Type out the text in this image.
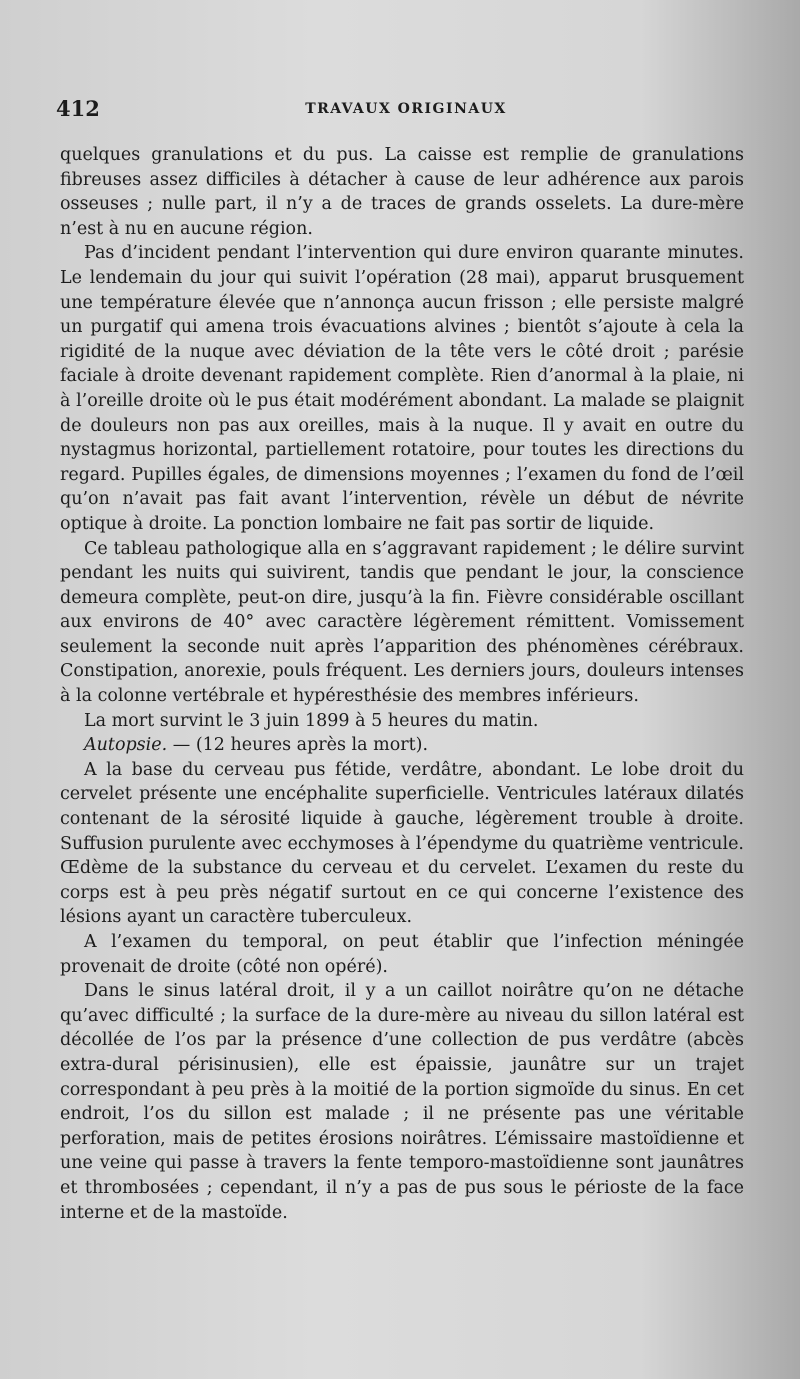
412	TRAVAUX ORIGINAUX

quelques granulations et du pus. La caisse est remplie de granulations fibreuses assez difficiles à détacher à cause de leur adhérence aux parois osseuses ; nulle part, il n’y a de traces de grands osselets. La dure-mère n’est à nu en aucune région.

Pas d’incident pendant l’intervention qui dure environ quarante minutes. Le lendemain du jour qui suivit l’opération (28 mai), apparut brusquement une température élevée que n’annonça aucun frisson ; elle persiste malgré un purgatif qui amena trois évacuations alvines ; bientôt s’ajoute à cela la rigidité de la nuque avec déviation de la tête vers le côté droit ; parésie faciale à droite devenant rapidement complète. Rien d’anormal à la plaie, ni à l’oreille droite où le pus était modérément abondant. La malade se plaignit de douleurs non pas aux oreilles, mais à la nuque. Il y avait en outre du nystagmus horizontal, partiellement rotatoire, pour toutes les directions du regard. Pupilles égales, de dimensions moyennes ; l’examen du fond de l’œil qu’on n’avait pas fait avant l’intervention, révèle un début de névrite optique à droite. La ponction lombaire ne fait pas sortir de liquide.

Ce tableau pathologique alla en s’aggravant rapidement ; le délire survint pendant les nuits qui suivirent, tandis que pendant le jour, la conscience demeura complète, peut-on dire, jusqu’à la fin. Fièvre considérable oscillant aux environs de 40° avec caractère légèrement rémittent. Vomissement seulement la seconde nuit après l’apparition des phénomènes cérébraux. Constipation, anorexie, pouls fréquent. Les derniers jours, douleurs intenses à la colonne vertébrale et hypéresthésie des membres inférieurs.

La mort survint le 3 juin 1899 à 5 heures du matin.

Autopsie. — (12 heures après la mort).

A la base du cerveau pus fétide, verdâtre, abondant. Le lobe droit du cervelet présente une encéphalite superficielle. Ventricules latéraux dilatés contenant de la sérosité liquide à gauche, légèrement trouble à droite. Suffusion purulente avec ecchymoses à l’épendyme du quatrième ventricule. Œdème de la substance du cerveau et du cervelet. L’examen du reste du corps est à peu près négatif surtout en ce qui concerne l’existence des lésions ayant un caractère tuberculeux.

A l’examen du temporal, on peut établir que l’infection méningée provenait de droite (côté non opéré).

Dans le sinus latéral droit, il y a un caillot noirâtre qu’on ne détache qu’avec difficulté ; la surface de la dure-mère au niveau du sillon latéral est décollée de l’os par la présence d’une collection de pus verdâtre (abcès extra-dural périsinusien), elle est épaissie, jaunâtre sur un trajet correspondant à peu près à la moitié de la portion sigmoïde du sinus. En cet endroit, l’os du sillon est malade ; il ne présente pas une véritable perforation, mais de petites érosions noirâtres. L’émissaire mastoïdienne et une veine qui passe à travers la fente temporo-mastoïdienne sont jaunâtres et thrombosées ; cependant, il n’y a pas de pus sous le périoste de la face interne et de la mastoïde.
